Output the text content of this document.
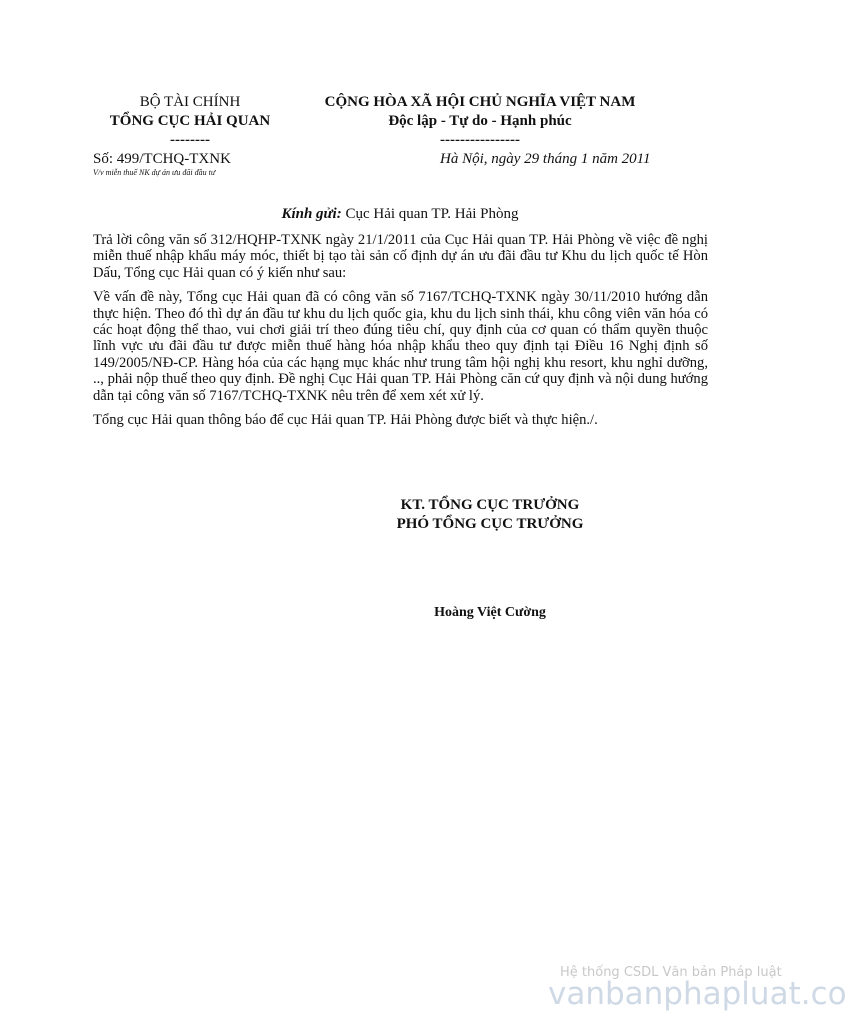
BỘ TÀI CHÍNH
TỔNG CỤC HẢI QUAN
--------
CỘNG HÒA XÃ HỘI CHỦ NGHĨA VIỆT NAM
Độc lập - Tự do - Hạnh phúc
----------------
Số: 499/TCHQ-TXNK
V/v miễn thuế NK dự án ưu đãi đầu tư
Hà Nội, ngày 29 tháng 1 năm 2011
Kính gửi: Cục Hải quan TP. Hải Phòng

Trả lời công văn số 312/HQHP-TXNK ngày 21/1/2011 của Cục Hải quan TP. Hải Phòng về việc đề nghị miễn thuế nhập khẩu máy móc, thiết bị tạo tài sản cố định dự án ưu đãi đầu tư Khu du lịch quốc tế Hòn Dấu, Tổng cục Hải quan có ý kiến như sau:

Về vấn đề này, Tổng cục Hải quan đã có công văn số 7167/TCHQ-TXNK ngày 30/11/2010 hướng dẫn thực hiện. Theo đó thì dự án đầu tư khu du lịch quốc gia, khu du lịch sinh thái, khu công viên văn hóa có các hoạt động thể thao, vui chơi giải trí theo đúng tiêu chí, quy định của cơ quan có thẩm quyền thuộc lĩnh vực ưu đãi đầu tư được miễn thuế hàng hóa nhập khẩu theo quy định tại Điều 16 Nghị định số 149/2005/NĐ-CP. Hàng hóa của các hạng mục khác như trung tâm hội nghị khu resort, khu nghỉ dưỡng, .., phải nộp thuế theo quy định. Đề nghị Cục Hải quan TP. Hải Phòng căn cứ quy định và nội dung hướng dẫn tại công văn số 7167/TCHQ-TXNK nêu trên để xem xét xử lý.

Tổng cục Hải quan thông báo để cục Hải quan TP. Hải Phòng được biết và thực hiện./.

KT. TỔNG CỤC TRƯỞNG
PHÓ TỔNG CỤC TRƯỞNG
Hoàng Việt Cường
Hệ thống CSDL Văn bản Pháp luật
vanbanphapluat.co
